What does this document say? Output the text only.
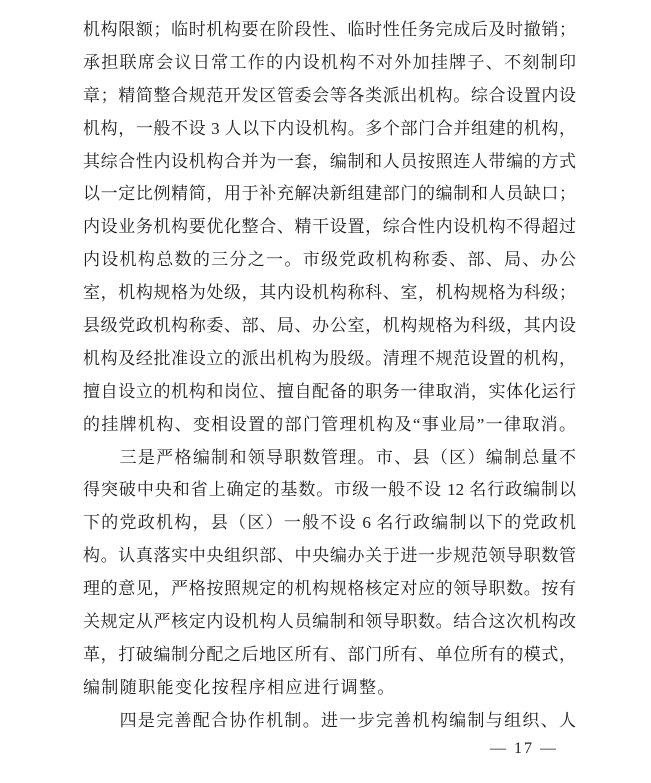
机构限额；临时机构要在阶段性、临时性任务完成后及时撤销；
承担联席会议日常工作的内设机构不对外加挂牌子、不刻制印
章；精简整合规范开发区管委会等各类派出机构。综合设置内设
机构，一般不设 3 人以下内设机构。多个部门合并组建的机构，
其综合性内设机构合并为一套，编制和人员按照连人带编的方式
以一定比例精简，用于补充解决新组建部门的编制和人员缺口；
内设业务机构要优化整合、精干设置，综合性内设机构不得超过
内设机构总数的三分之一。市级党政机构称委、部、局、办公
室，机构规格为处级，其内设机构称科、室，机构规格为科级；
县级党政机构称委、部、局、办公室，机构规格为科级，其内设
机构及经批准设立的派出机构为股级。清理不规范设置的机构，
擅自设立的机构和岗位、擅自配备的职务一律取消，实体化运行
的挂牌机构、变相设置的部门管理机构及“事业局”一律取消。
　　三是严格编制和领导职数管理。市、县（区）编制总量不
得突破中央和省上确定的基数。市级一般不设 12 名行政编制以
下的党政机构，县（区）一般不设 6 名行政编制以下的党政机
构。认真落实中央组织部、中央编办关于进一步规范领导职数管
理的意见，严格按照规定的机构规格核定对应的领导职数。按有
关规定从严核定内设机构人员编制和领导职数。结合这次机构改
革，打破编制分配之后地区所有、部门所有、单位所有的模式，
编制随职能变化按程序相应进行调整。
　　四是完善配合协作机制。进一步完善机构编制与组织、人
— 17 —
